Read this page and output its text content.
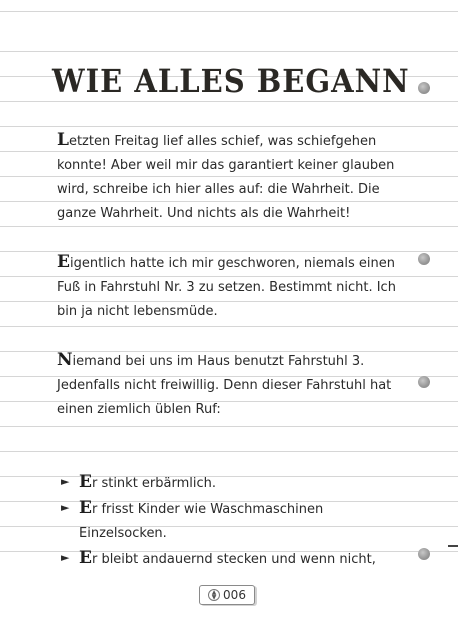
WIE ALLES BEGANN

Letzten Freitag lief alles schief, was schiefgehen konnte! Aber weil mir das garantiert keiner glauben wird, schreibe ich hier alles auf: die Wahrheit. Die ganze Wahrheit. Und nichts als die Wahrheit!

Eigentlich hatte ich mir geschworen, niemals einen Fuß in Fahrstuhl Nr. 3 zu setzen. Bestimmt nicht. Ich bin ja nicht lebensmüde.

Niemand bei uns im Haus benutzt Fahrstuhl 3. Jedenfalls nicht freiwillig. Denn dieser Fahrstuhl hat einen ziemlich üblen Ruf:

► Er stinkt erbärmlich.
► Er frisst Kinder wie Waschmaschinen Einzelsocken.
► Er bleibt andauernd stecken und wenn nicht,
▲
▼ 006
